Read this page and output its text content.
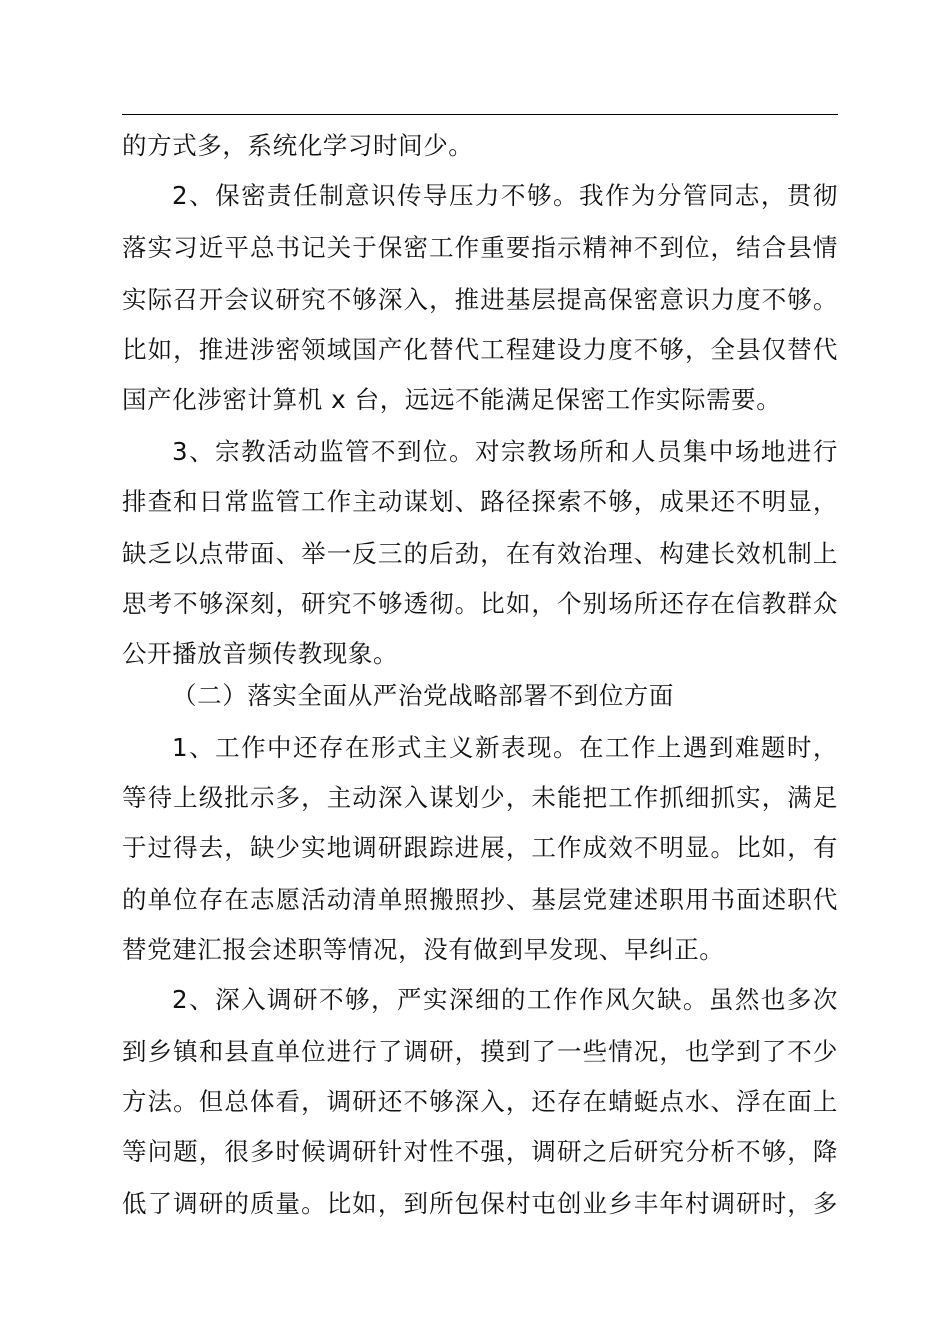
的方式多，系统化学习时间少。
2、保密责任制意识传导压力不够。我作为分管同志，贯彻
落实习近平总书记关于保密工作重要指示精神不到位，结合县情
实际召开会议研究不够深入，推进基层提高保密意识力度不够。
比如，推进涉密领域国产化替代工程建设力度不够，全县仅替代
国产化涉密计算机 x 台，远远不能满足保密工作实际需要。
3、宗教活动监管不到位。对宗教场所和人员集中场地进行
排查和日常监管工作主动谋划、路径探索不够，成果还不明显，
缺乏以点带面、举一反三的后劲，在有效治理、构建长效机制上
思考不够深刻，研究不够透彻。比如，个别场所还存在信教群众
公开播放音频传教现象。
（二）落实全面从严治党战略部署不到位方面
1、工作中还存在形式主义新表现。在工作上遇到难题时，
等待上级批示多，主动深入谋划少，未能把工作抓细抓实，满足
于过得去，缺少实地调研跟踪进展，工作成效不明显。比如，有
的单位存在志愿活动清单照搬照抄、基层党建述职用书面述职代
替党建汇报会述职等情况，没有做到早发现、早纠正。
2、深入调研不够，严实深细的工作作风欠缺。虽然也多次
到乡镇和县直单位进行了调研，摸到了一些情况，也学到了不少
方法。但总体看，调研还不够深入，还存在蜻蜓点水、浮在面上
等问题，很多时候调研针对性不强，调研之后研究分析不够，降
低了调研的质量。比如，到所包保村屯创业乡丰年村调研时，多
